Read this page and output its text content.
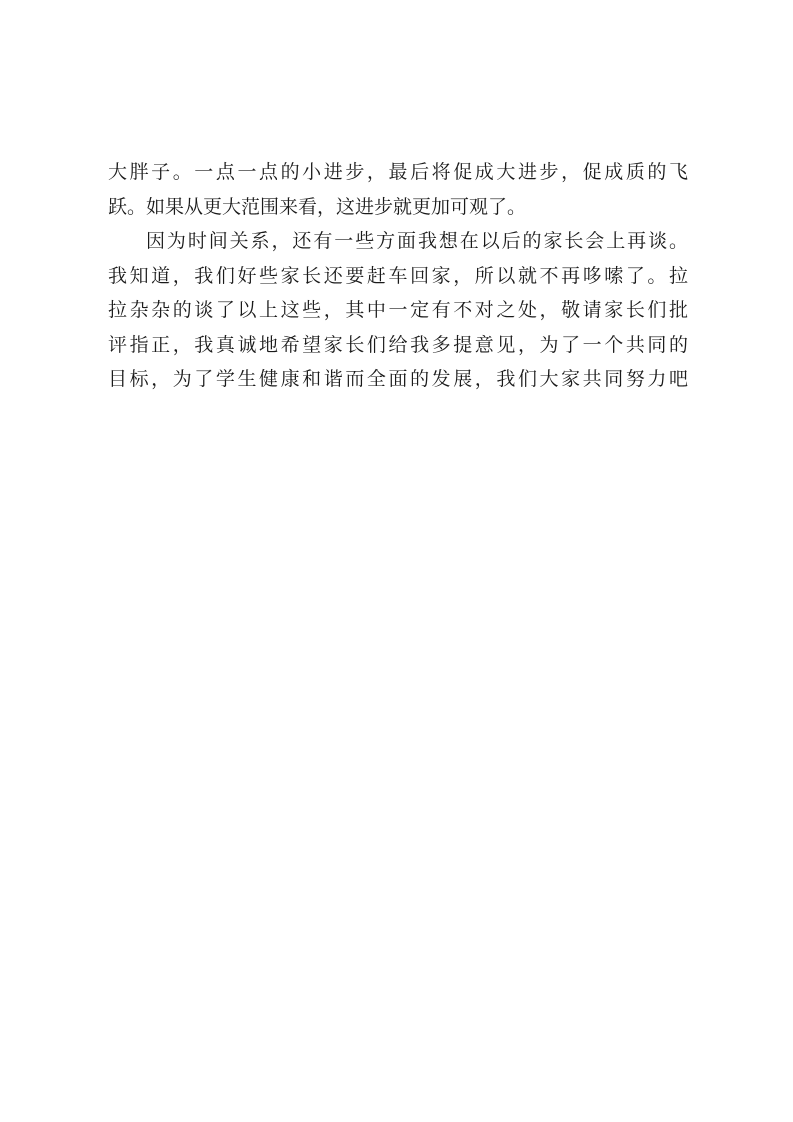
大胖子。一点一点的小进步，最后将促成大进步，促成质的飞
跃。如果从更大范围来看，这进步就更加可观了。
因为时间关系，还有一些方面我想在以后的家长会上再谈。
我知道，我们好些家长还要赶车回家，所以就不再哆嗦了。拉
拉杂杂的谈了以上这些，其中一定有不对之处，敬请家长们批
评指正，我真诚地希望家长们给我多提意见，为了一个共同的
目标，为了学生健康和谐而全面的发展，我们大家共同努力吧
